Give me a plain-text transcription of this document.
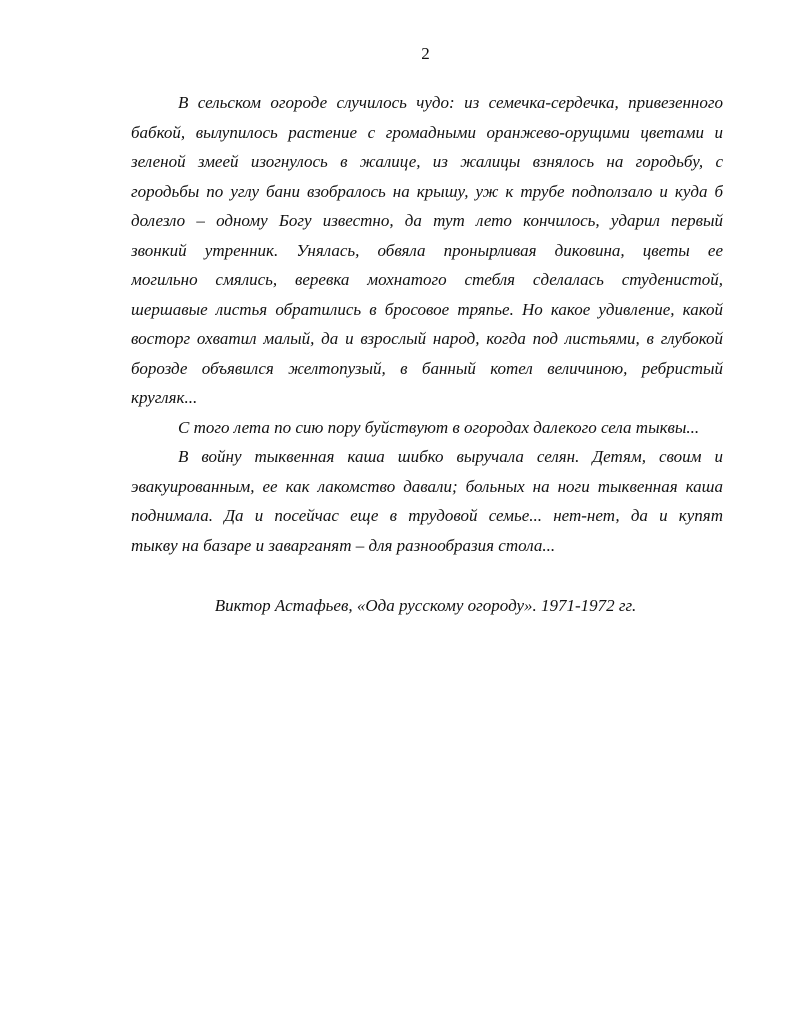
2
В сельском огороде случилось чудо: из семечка-сердечка, привезенного
бабкой, вылупилось растение с громадными оранжево-орущими цветами и
зеленой змеей изогнулось в жалице, из жалицы взнялось на городьбу, с
городьбы по углу бани взобралось на крышу, уж к трубе подползало и куда б
долезло – одному Богу известно, да тут лето кончилось, ударил первый
звонкий утренник. Унялась, обвяла пронырливая диковина, цветы ее
могильно смялись, веревка мохнатого стебля сделалась студенистой,
шершавые листья обратились в бросовое тряпье. Но какое удивление, какой
восторг охватил малый, да и взрослый народ, когда под листьями, в глубокой
борозде объявился желтопузый, в банный котел величиною, ребристый
кругляк...
С того лета по сию пору буйствуют в огородах далекого села тыквы...
В войну тыквенная каша шибко выручала селян. Детям, своим и
эвакуированным, ее как лакомство давали; больных на ноги тыквенная каша
поднимала. Да и посейчас еще в трудовой семье... нет-нет, да и купят
тыкву на базаре и заварганят – для разнообразия стола...
Виктор Астафьев, «Ода русскому огороду». 1971-1972 гг.
